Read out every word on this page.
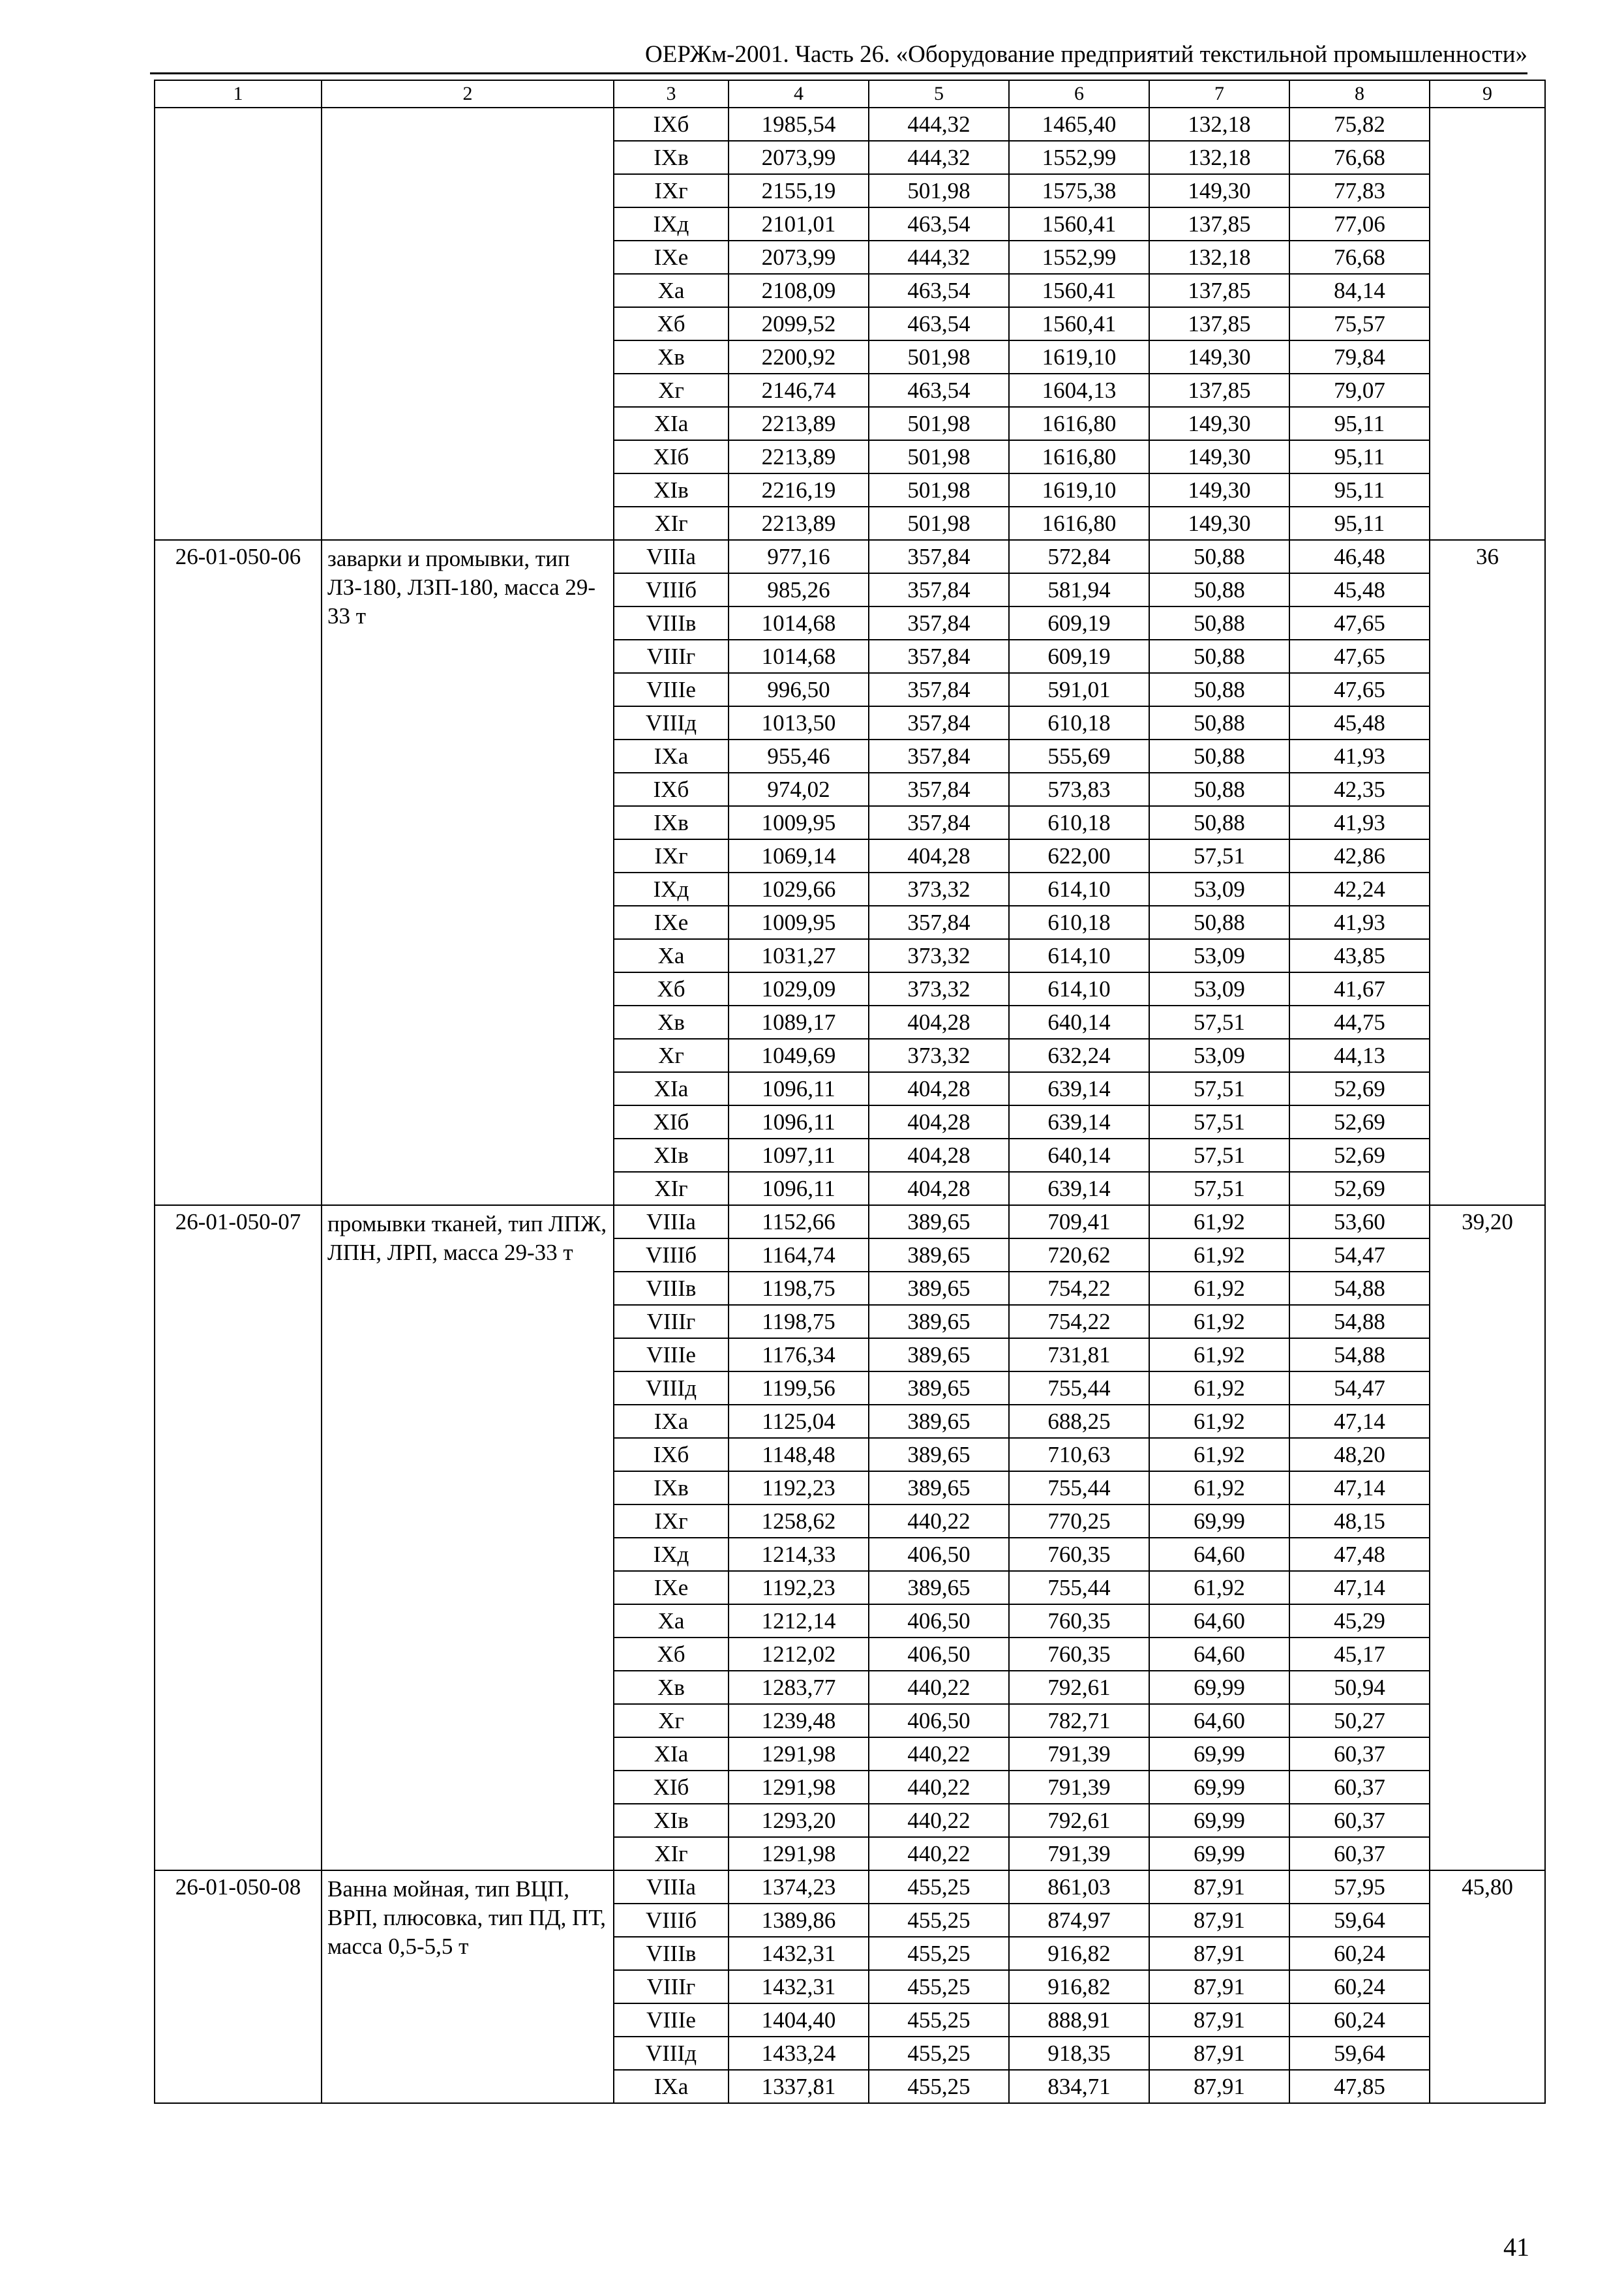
ОЕРЖм-2001. Часть 26. «Оборудование предприятий текстильной промышленности»
1	2	3	4	5	6	7	8	9
		IXб	1985,54	444,32	1465,40	132,18	75,82	
		IXв	2073,99	444,32	1552,99	132,18	76,68	
		IXг	2155,19	501,98	1575,38	149,30	77,83	
		IXд	2101,01	463,54	1560,41	137,85	77,06	
		IXе	2073,99	444,32	1552,99	132,18	76,68	
		Xа	2108,09	463,54	1560,41	137,85	84,14	
		Xб	2099,52	463,54	1560,41	137,85	75,57	
		Xв	2200,92	501,98	1619,10	149,30	79,84	
		Xг	2146,74	463,54	1604,13	137,85	79,07	
		XIа	2213,89	501,98	1616,80	149,30	95,11	
		XIб	2213,89	501,98	1616,80	149,30	95,11	
		XIв	2216,19	501,98	1619,10	149,30	95,11	
		XIг	2213,89	501,98	1616,80	149,30	95,11	
26-01-050-06	заварки и промывки, тип ЛЗ-180, ЛЗП-180, масса 29-33 т	VIIIа	977,16	357,84	572,84	50,88	46,48	36
		VIIIб	985,26	357,84	581,94	50,88	45,48	
		VIIIв	1014,68	357,84	609,19	50,88	47,65	
		VIIIг	1014,68	357,84	609,19	50,88	47,65	
		VIIIе	996,50	357,84	591,01	50,88	47,65	
		VIIIд	1013,50	357,84	610,18	50,88	45,48	
		IXа	955,46	357,84	555,69	50,88	41,93	
		IXб	974,02	357,84	573,83	50,88	42,35	
		IXв	1009,95	357,84	610,18	50,88	41,93	
		IXг	1069,14	404,28	622,00	57,51	42,86	
		IXд	1029,66	373,32	614,10	53,09	42,24	
		IXе	1009,95	357,84	610,18	50,88	41,93	
		Xа	1031,27	373,32	614,10	53,09	43,85	
		Xб	1029,09	373,32	614,10	53,09	41,67	
		Xв	1089,17	404,28	640,14	57,51	44,75	
		Xг	1049,69	373,32	632,24	53,09	44,13	
		XIа	1096,11	404,28	639,14	57,51	52,69	
		XIб	1096,11	404,28	639,14	57,51	52,69	
		XIв	1097,11	404,28	640,14	57,51	52,69	
		XIг	1096,11	404,28	639,14	57,51	52,69	
26-01-050-07	промывки тканей, тип ЛПЖ, ЛПН, ЛРП, масса 29-33 т	VIIIа	1152,66	389,65	709,41	61,92	53,60	39,20
		VIIIб	1164,74	389,65	720,62	61,92	54,47	
		VIIIв	1198,75	389,65	754,22	61,92	54,88	
		VIIIг	1198,75	389,65	754,22	61,92	54,88	
		VIIIе	1176,34	389,65	731,81	61,92	54,88	
		VIIIд	1199,56	389,65	755,44	61,92	54,47	
		IXа	1125,04	389,65	688,25	61,92	47,14	
		IXб	1148,48	389,65	710,63	61,92	48,20	
		IXв	1192,23	389,65	755,44	61,92	47,14	
		IXг	1258,62	440,22	770,25	69,99	48,15	
		IXд	1214,33	406,50	760,35	64,60	47,48	
		IXе	1192,23	389,65	755,44	61,92	47,14	
		Xа	1212,14	406,50	760,35	64,60	45,29	
		Xб	1212,02	406,50	760,35	64,60	45,17	
		Xв	1283,77	440,22	792,61	69,99	50,94	
		Xг	1239,48	406,50	782,71	64,60	50,27	
		XIа	1291,98	440,22	791,39	69,99	60,37	
		XIб	1291,98	440,22	791,39	69,99	60,37	
		XIв	1293,20	440,22	792,61	69,99	60,37	
		XIг	1291,98	440,22	791,39	69,99	60,37	
26-01-050-08	Ванна мойная, тип ВЦП, ВРП, плюсовка, тип ПД, ПТ, масса 0,5-5,5 т	VIIIа	1374,23	455,25	861,03	87,91	57,95	45,80
		VIIIб	1389,86	455,25	874,97	87,91	59,64	
		VIIIв	1432,31	455,25	916,82	87,91	60,24	
		VIIIг	1432,31	455,25	916,82	87,91	60,24	
		VIIIе	1404,40	455,25	888,91	87,91	60,24	
		VIIIд	1433,24	455,25	918,35	87,91	59,64	
		IXа	1337,81	455,25	834,71	87,91	47,85	
41
